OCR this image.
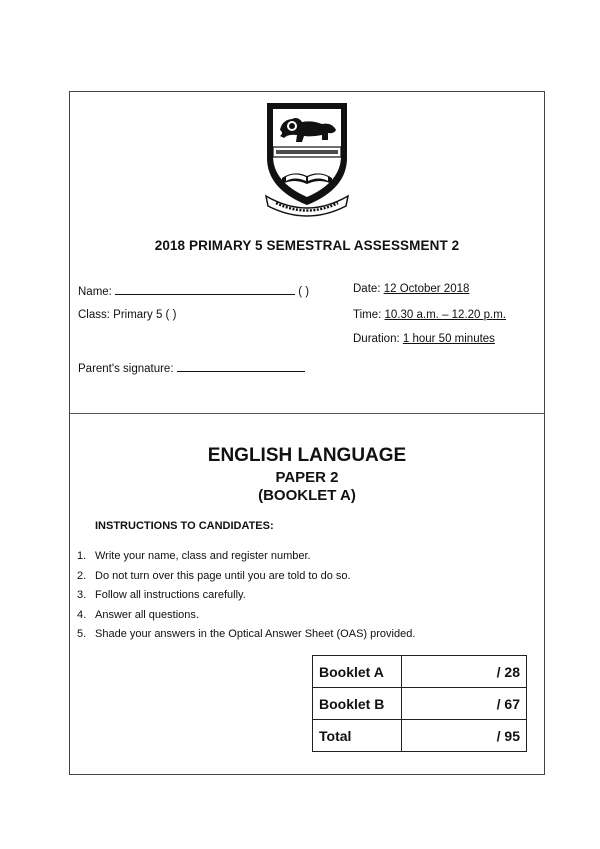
2018 PRIMARY 5 SEMESTRAL ASSESSMENT 2
Name:	( )
Class: Primary 5 ( )
Parent's signature:
Date: 12 October 2018
Time: 10.30 a.m. – 12.20 p.m.
Duration: 1 hour 50 minutes
ENGLISH LANGUAGE
PAPER 2
(BOOKLET A)
INSTRUCTIONS TO CANDIDATES:
1. Write your name, class and register number.
2. Do not turn over this page until you are told to do so.
3. Follow all instructions carefully.
4. Answer all questions.
5. Shade your answers in the Optical Answer Sheet (OAS) provided.
Booklet A	/ 28
Booklet B	/ 67
Total	/ 95
